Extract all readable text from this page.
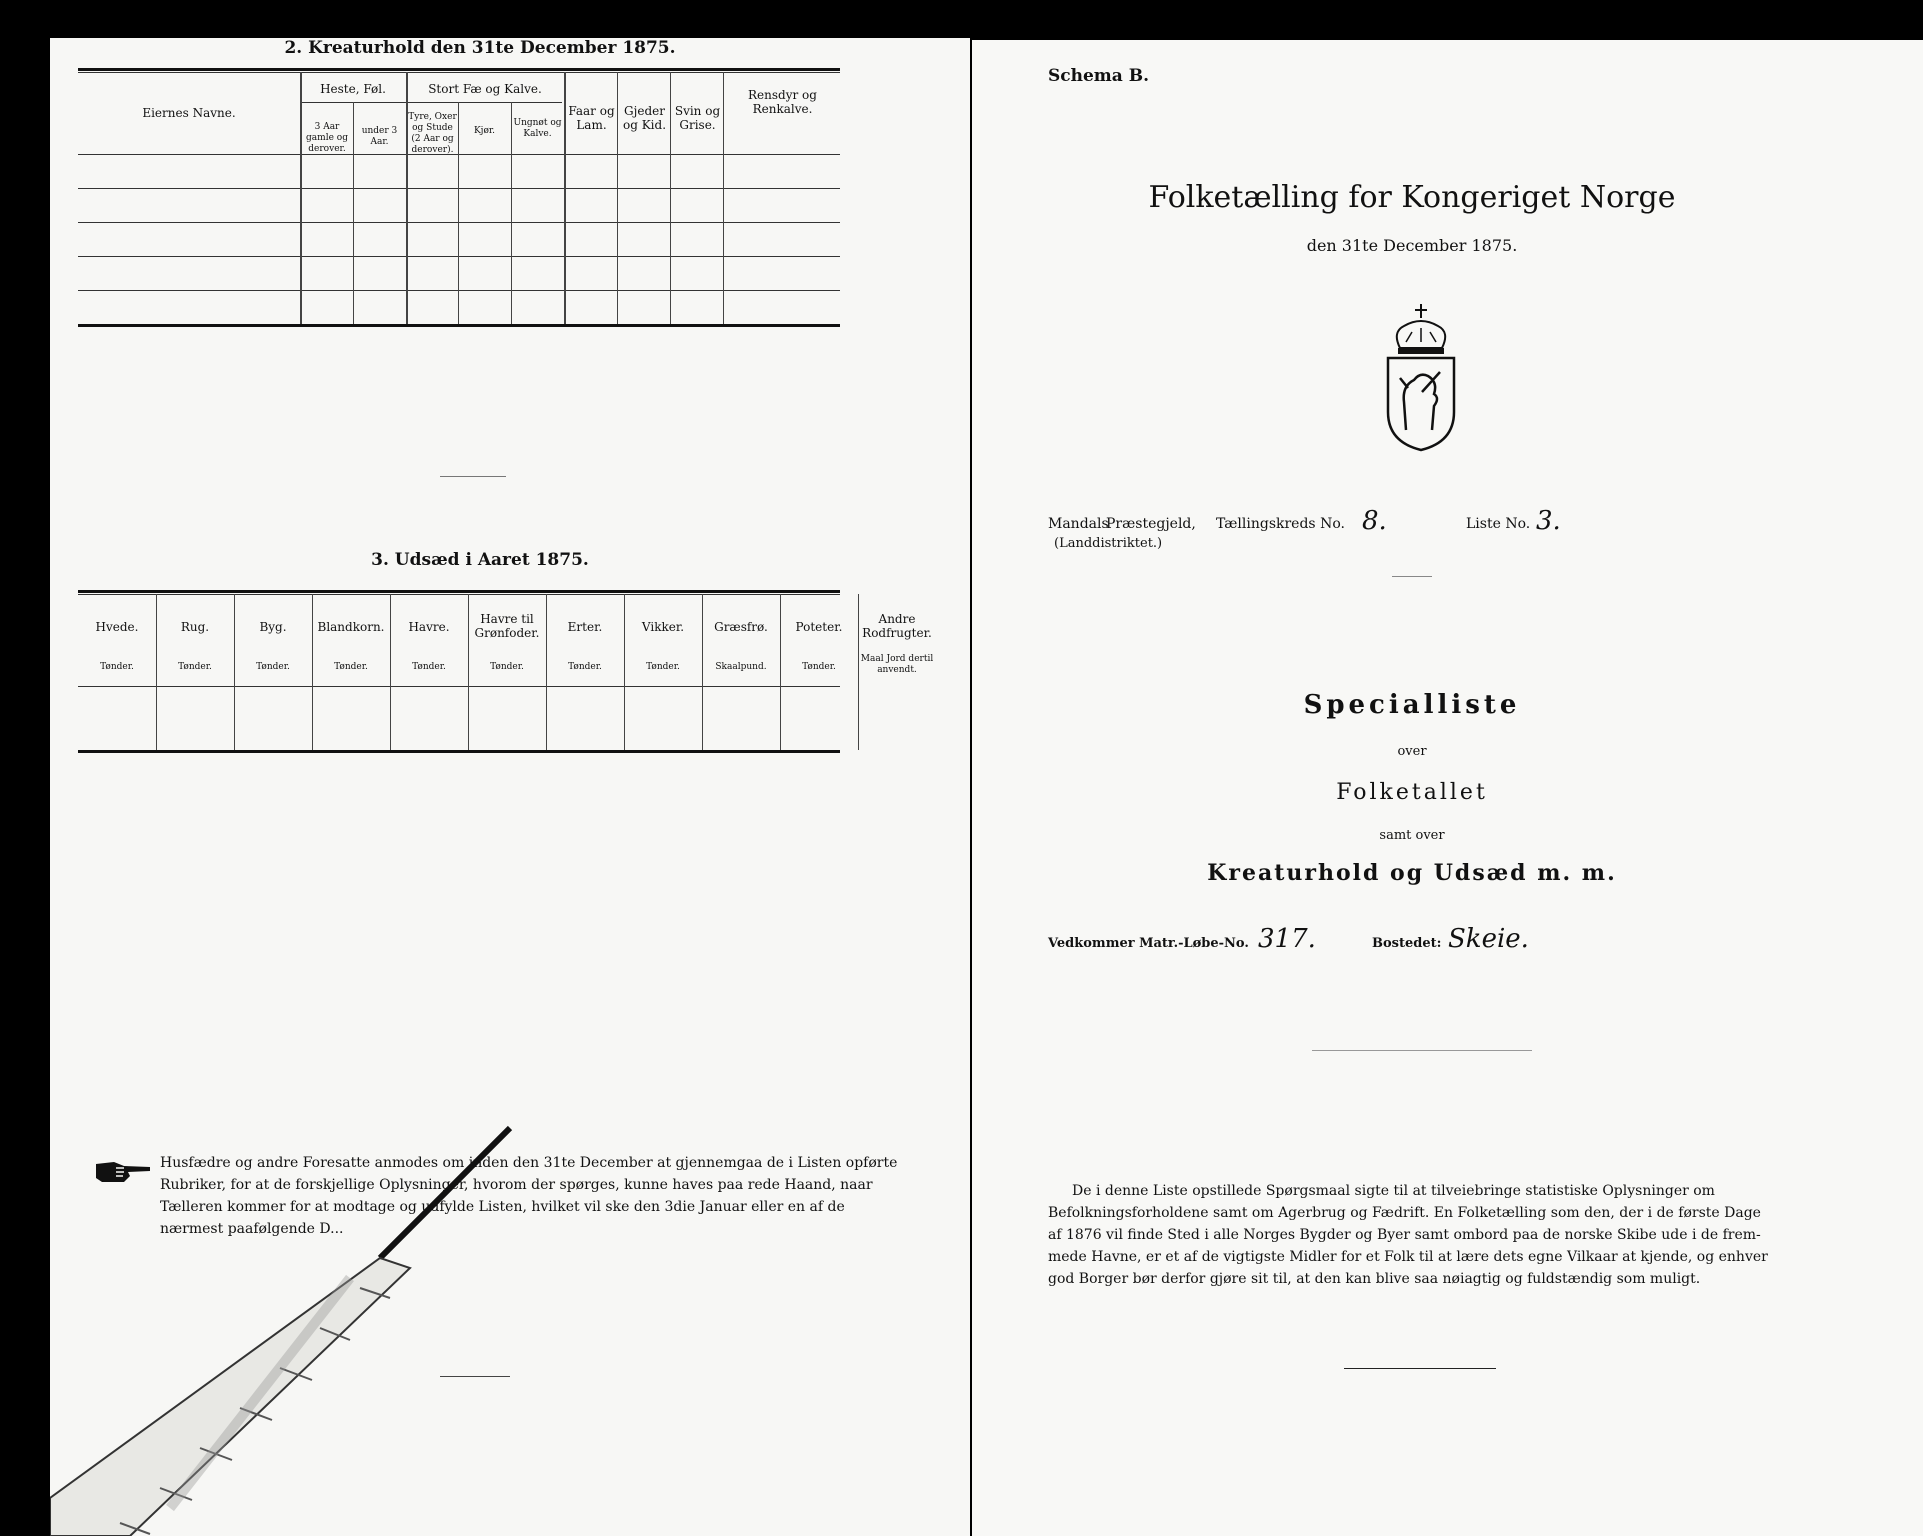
2. Kreaturhold den 31te December 1875.
Eiernes Navne.
Heste, Føl.
3 Aar gamle og derover.
under 3 Aar.
Stort Fæ og Kalve.
Tyre, Oxer og Stude (2 Aar og derover).
Kjør.
Ungnøt og Kalve.
Faar og Lam.
Gjeder og Kid.
Svin og Grise.
Rensdyr og Renkalve.
3. Udsæd i Aaret 1875.
Hvede.
Tønder.
Rug.
Tønder.
Byg.
Tønder.
Blandkorn.
Tønder.
Havre.
Tønder.
Havre til Grønfoder.
Tønder.
Erter.
Tønder.
Vikker.
Tønder.
Græsfrø.
Skaalpund.
Poteter.
Tønder.
Andre Rodfrugter.
Maal Jord dertil anvendt.
Husfædre og andre Foresatte anmodes om inden den 31te December at gjennemgaa de i Listen opførte
Rubriker, for at de forskjellige Oplysninger, hvorom der spørges, kunne haves paa rede Haand, naar
Tælleren kommer for at modtage og udfylde Listen, hvilket vil ske den 3die Januar eller en af de
nærmest paafølgende D...
Schema B.
Folketælling for Kongeriget Norge
den 31te December 1875.
Mandals
Præstegjeld,
(Landdistriktet.)
Tællingskreds No. 8.	Liste No. 3.
Specialliste
over
Folketallet
samt over
Kreaturhold og Udsæd m. m.
Vedkommer Matr.-Løbe-No. 317.	Bostedet: Skeie.
De i denne Liste opstillede Spørgsmaal sigte til at tilveiebringe statistiske Oplysninger om
Befolkningsforholdene samt om Agerbrug og Fædrift. En Folketælling som den, der i de første Dage
af 1876 vil finde Sted i alle Norges Bygder og Byer samt ombord paa de norske Skibe ude i de frem-
mede Havne, er et af de vigtigste Midler for et Folk til at lære dets egne Vilkaar at kjende, og enhver
god Borger bør derfor gjøre sit til, at den kan blive saa nøiagtig og fuldstændig som muligt.
